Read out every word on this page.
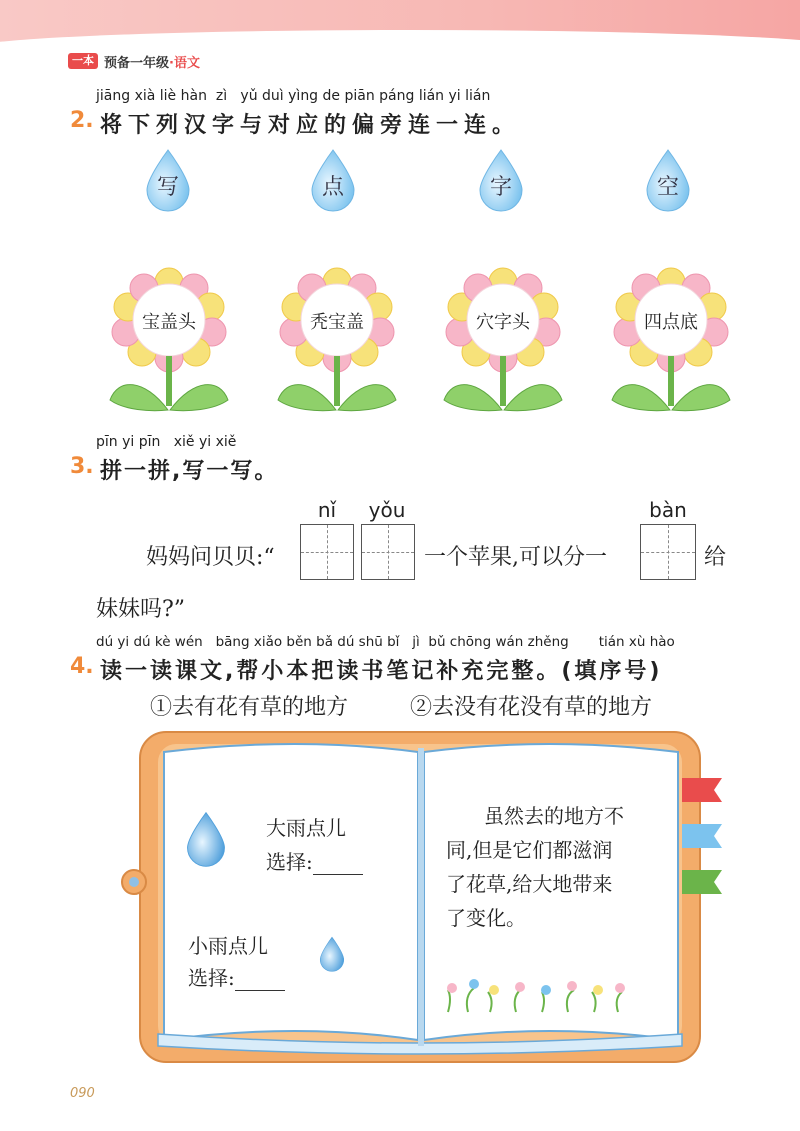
一本 预备一年级·语文
jiāng xià liè hàn  zì   yǔ duì yìng de piān páng lián yi lián
2. 将下列汉字与对应的偏旁连一连。
写	点	字	空
宝盖头	秃宝盖	穴字头	四点底
pīn yi pīn   xiě yi xiě
3. 拼一拼,写一写。
nǐ	yǒu	bàn
妈妈问贝贝:“	一个苹果,可以分一	给
妹妹吗?”
dú yi dú kè wén   bāng xiǎo běn bǎ dú shū bǐ   jì  bǔ chōng wán zhěng       tián xù hào
4. 读一读课文,帮小本把读书笔记补充完整。(填序号)
①去有花有草的地方	②去没有花没有草的地方
大雨点儿
选择:
小雨点儿
选择:
虽然去的地方不
同,但是它们都滋润
了花草,给大地带来
了变化。
090
